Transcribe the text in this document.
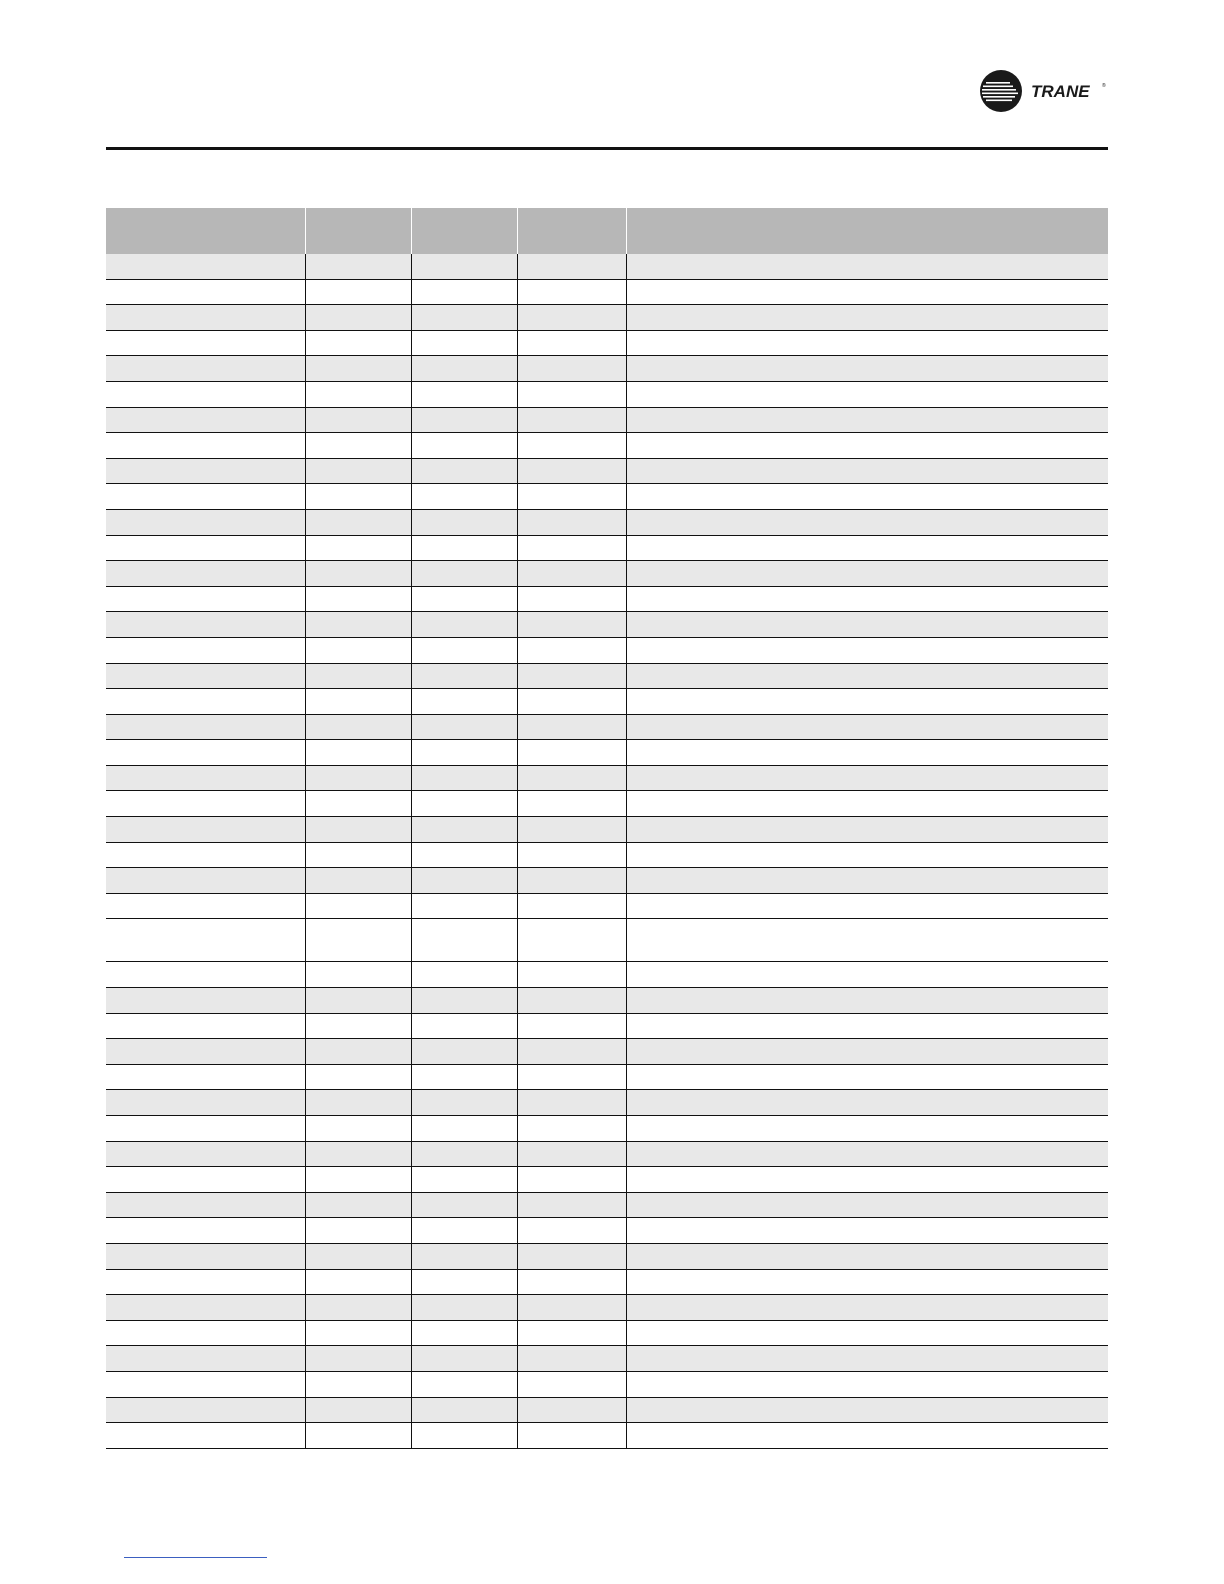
TRANE ®
